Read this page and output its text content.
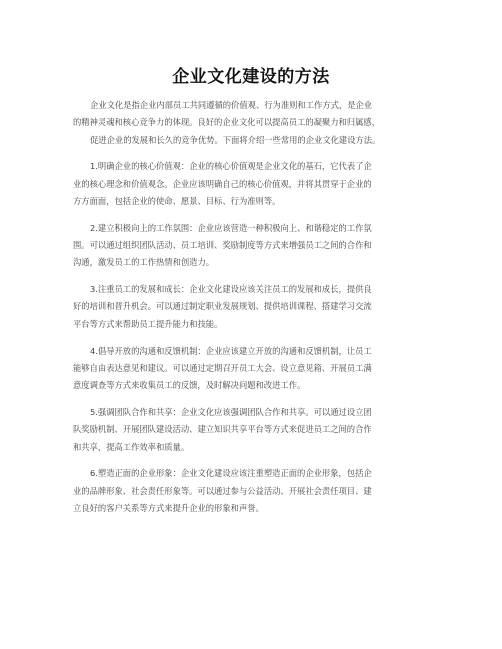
企业文化建设的方法
企业文化是指企业内部员工共同遵循的价值观、行为准则和工作方式，是企业
的精神灵魂和核心竞争力的体现。良好的企业文化可以提高员工的凝聚力和归属感，
促进企业的发展和长久的竞争优势。下面将介绍一些常用的企业文化建设方法。
1.明确企业的核心价值观：企业的核心价值观是企业文化的基石，它代表了企
业的核心理念和价值观念。企业应该明确自己的核心价值观，并将其贯穿于企业的
方方面面，包括企业的使命、愿景、目标、行为准则等。
2.建立积极向上的工作氛围：企业应该营造一种积极向上、和谐稳定的工作氛
围。可以通过组织团队活动、员工培训、奖励制度等方式来增强员工之间的合作和
沟通，激发员工的工作热情和创造力。
3.注重员工的发展和成长：企业文化建设应该关注员工的发展和成长，提供良
好的培训和晋升机会。可以通过制定职业发展规划、提供培训课程、搭建学习交流
平台等方式来帮助员工提升能力和技能。
4.倡导开放的沟通和反馈机制：企业应该建立开放的沟通和反馈机制，让员工
能够自由表达意见和建议。可以通过定期召开员工大会、设立意见箱、开展员工满
意度调查等方式来收集员工的反馈，及时解决问题和改进工作。
5.强调团队合作和共享：企业文化应该强调团队合作和共享。可以通过设立团
队奖励机制、开展团队建设活动、建立知识共享平台等方式来促进员工之间的合作
和共享，提高工作效率和质量。
6.塑造正面的企业形象：企业文化建设应该注重塑造正面的企业形象，包括企
业的品牌形象、社会责任形象等。可以通过参与公益活动、开展社会责任项目、建
立良好的客户关系等方式来提升企业的形象和声誉。
